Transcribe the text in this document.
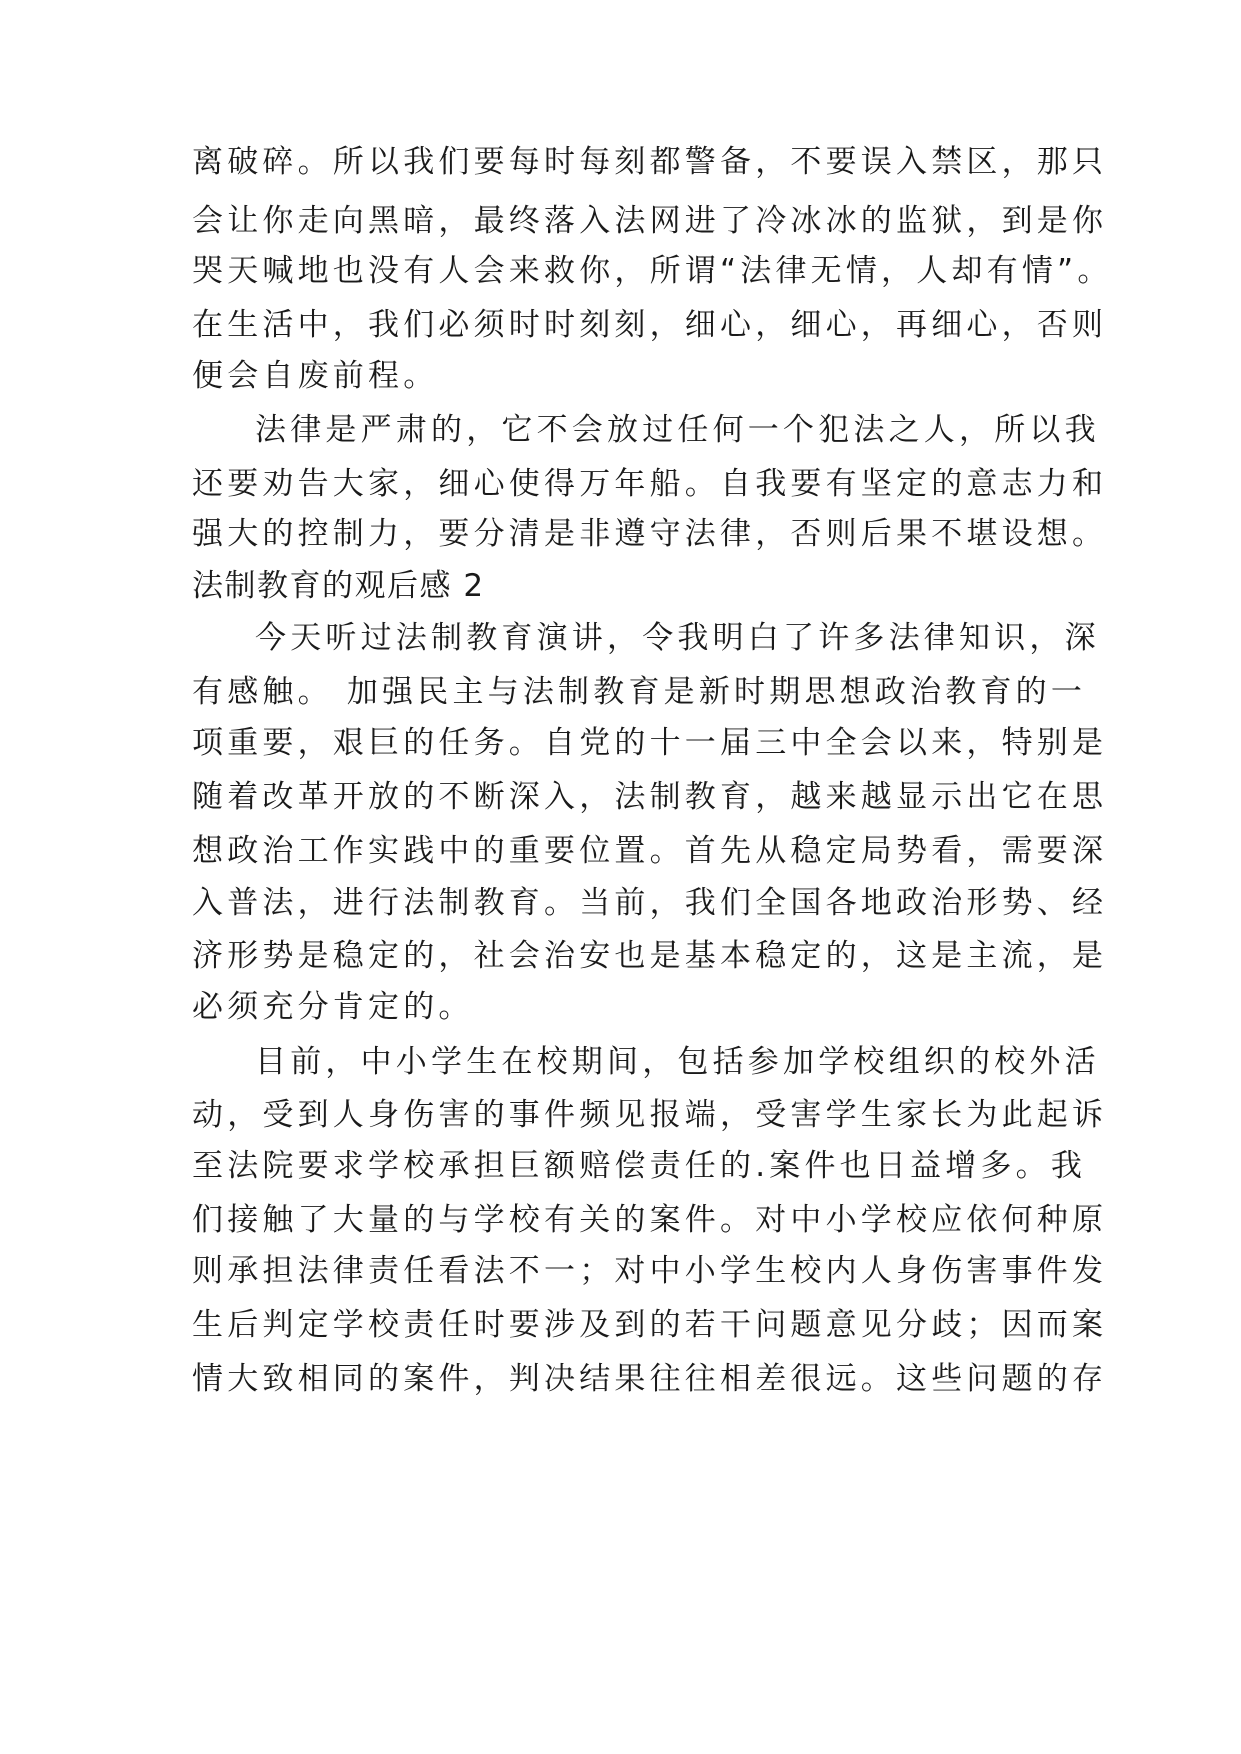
离破碎。所以我们要每时每刻都警备，不要误入禁区，那只
会让你走向黑暗，最终落入法网进了冷冰冰的监狱，到是你
哭天喊地也没有人会来救你，所谓“法律无情，人却有情”。
在生活中，我们必须时时刻刻，细心，细心，再细心，否则
便会自废前程。
法律是严肃的，它不会放过任何一个犯法之人，所以我
还要劝告大家，细心使得万年船。自我要有坚定的意志力和
强大的控制力，要分清是非遵守法律，否则后果不堪设想。
法制教育的观后感 2
今天听过法制教育演讲，令我明白了许多法律知识，深
有感触。 加强民主与法制教育是新时期思想政治教育的一
项重要，艰巨的任务。自党的十一届三中全会以来，特别是
随着改革开放的不断深入，法制教育，越来越显示出它在思
想政治工作实践中的重要位置。首先从稳定局势看，需要深
入普法，进行法制教育。当前，我们全国各地政治形势、经
济形势是稳定的，社会治安也是基本稳定的，这是主流，是
必须充分肯定的。
目前，中小学生在校期间，包括参加学校组织的校外活
动，受到人身伤害的事件频见报端，受害学生家长为此起诉
至法院要求学校承担巨额赔偿责任的.案件也日益增多。我
们接触了大量的与学校有关的案件。对中小学校应依何种原
则承担法律责任看法不一；对中小学生校内人身伤害事件发
生后判定学校责任时要涉及到的若干问题意见分歧；因而案
情大致相同的案件，判决结果往往相差很远。这些问题的存
